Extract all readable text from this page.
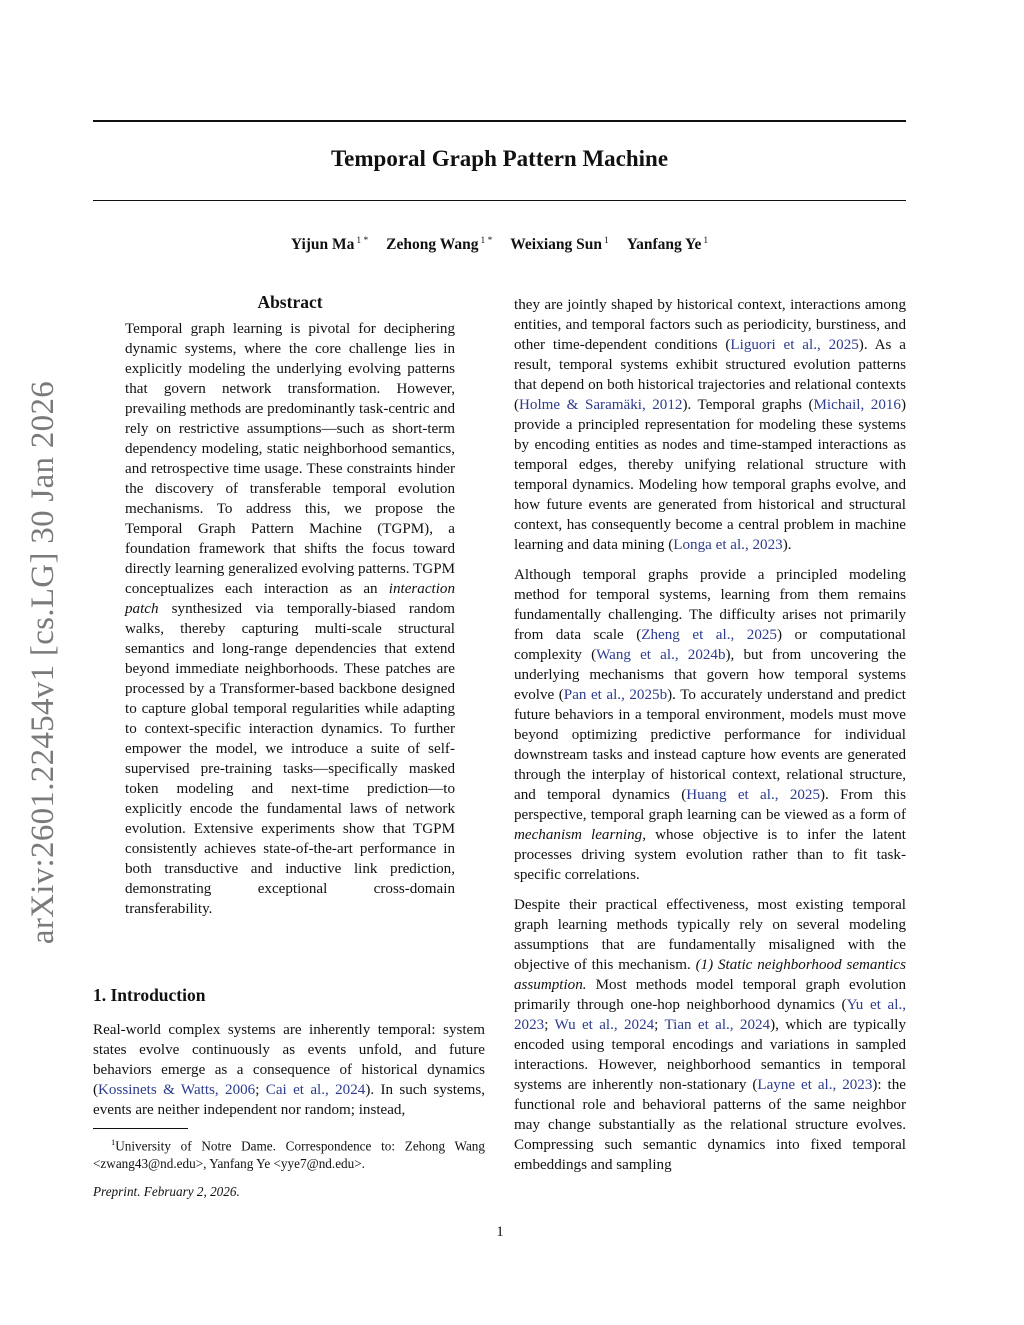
arXiv:2601.22454v1 [cs.LG] 30 Jan 2026
Temporal Graph Pattern Machine
Yijun Ma $^{1 *}$ Zehong Wang $^{1 *}$ Weixiang Sun $^1$ Yanfang Ye $^1$
Abstract

Temporal graph learning is pivotal for deciphering dynamic systems, where the core challenge lies in explicitly modeling the underlying evolving patterns that govern network transformation. However, prevailing methods are predominantly task-centric and rely on restrictive assumptions—such as short-term dependency modeling, static neighborhood semantics, and retrospective time usage. These constraints hinder the discovery of transferable temporal evolution mechanisms. To address this, we propose the Temporal Graph Pattern Machine (TGPM), a foundation framework that shifts the focus toward directly learning generalized evolving patterns. TGPM conceptualizes each interaction as an interaction patch synthesized via temporally-biased random walks, thereby capturing multi-scale structural semantics and long-range dependencies that extend beyond immediate neighborhoods. These patches are processed by a Transformer-based backbone designed to capture global temporal regularities while adapting to context-specific interaction dynamics. To further empower the model, we introduce a suite of self-supervised pre-training tasks—specifically masked token modeling and next-time prediction—to explicitly encode the fundamental laws of network evolution. Extensive experiments show that TGPM consistently achieves state-of-the-art performance in both transductive and inductive link prediction, demonstrating exceptional cross-domain transferability.

1. Introduction

Real-world complex systems are inherently temporal: system states evolve continuously as events unfold, and future behaviors emerge as a consequence of historical dynamics (Kossinets & Watts, 2006; Cai et al., 2024). In such systems, events are neither independent nor random; instead,

$^1$University of Notre Dame. Correspondence to: Zehong Wang <zwang43@nd.edu>, Yanfang Ye <yye7@nd.edu>.

Preprint. February 2, 2026.

they are jointly shaped by historical context, interactions among entities, and temporal factors such as periodicity, burstiness, and other time-dependent conditions (Liguori et al., 2025). As a result, temporal systems exhibit structured evolution patterns that depend on both historical trajectories and relational contexts (Holme & Saramäki, 2012). Temporal graphs (Michail, 2016) provide a principled representation for modeling these systems by encoding entities as nodes and time-stamped interactions as temporal edges, thereby unifying relational structure with temporal dynamics. Modeling how temporal graphs evolve, and how future events are generated from historical and structural context, has consequently become a central problem in machine learning and data mining (Longa et al., 2023).

Although temporal graphs provide a principled modeling method for temporal systems, learning from them remains fundamentally challenging. The difficulty arises not primarily from data scale (Zheng et al., 2025) or computational complexity (Wang et al., 2024b), but from uncovering the underlying mechanisms that govern how temporal systems evolve (Pan et al., 2025b). To accurately understand and predict future behaviors in a temporal environment, models must move beyond optimizing predictive performance for individual downstream tasks and instead capture how events are generated through the interplay of historical context, relational structure, and temporal dynamics (Huang et al., 2025). From this perspective, temporal graph learning can be viewed as a form of mechanism learning, whose objective is to infer the latent processes driving system evolution rather than to fit task-specific correlations.

Despite their practical effectiveness, most existing temporal graph learning methods typically rely on several modeling assumptions that are fundamentally misaligned with the objective of this mechanism. (1) Static neighborhood semantics assumption. Most methods model temporal graph evolution primarily through one-hop neighborhood dynamics (Yu et al., 2023; Wu et al., 2024; Tian et al., 2024), which are typically encoded using temporal encodings and variations in sampled interactions. However, neighborhood semantics in temporal systems are inherently non-stationary (Layne et al., 2023): the functional role and behavioral patterns of the same neighbor may change substantially as the relational structure evolves. Compressing such semantic dynamics into fixed temporal embeddings and sampling

1
